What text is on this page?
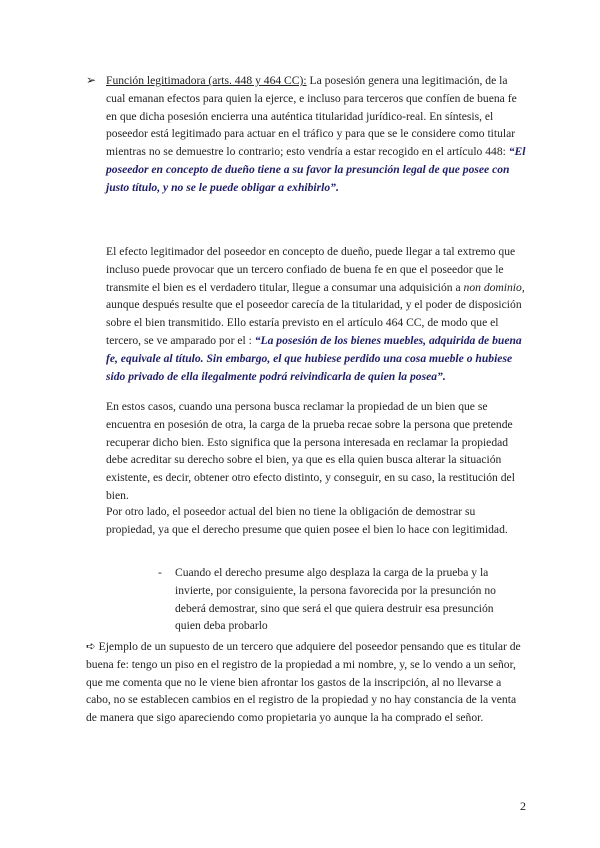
➢ Función legitimadora (arts. 448 y 464 CC): La posesión genera una legitimación, de la cual emanan efectos para quien la ejerce, e incluso para terceros que confíen de buena fe en que dicha posesión encierra una auténtica titularidad jurídico-real. En síntesis, el poseedor está legitimado para actuar en el tráfico y para que se le considere como titular mientras no se demuestre lo contrario; esto vendría a estar recogido en el artículo 448: “El poseedor en concepto de dueño tiene a su favor la presunción legal de que posee con justo título, y no se le puede obligar a exhibirlo”.

El efecto legitimador del poseedor en concepto de dueño, puede llegar a tal extremo que incluso puede provocar que un tercero confiado de buena fe en que el poseedor que le transmite el bien es el verdadero titular, llegue a consumar una adquisición a non dominio, aunque después resulte que el poseedor carecía de la titularidad, y el poder de disposición sobre el bien transmitido. Ello estaría previsto en el artículo 464 CC, de modo que el tercero, se ve amparado por el : “La posesión de los bienes muebles, adquirida de buena fe, equivale al título. Sin embargo, el que hubiese perdido una cosa mueble o hubiese sido privado de ella ilegalmente podrá reivindicarla de quien la posea”.

En estos casos, cuando una persona busca reclamar la propiedad de un bien que se encuentra en posesión de otra, la carga de la prueba recae sobre la persona que pretende recuperar dicho bien. Esto significa que la persona interesada en reclamar la propiedad debe acreditar su derecho sobre el bien, ya que es ella quien busca alterar la situación existente, es decir, obtener otro efecto distinto, y conseguir, en su caso, la restitución del bien.

Por otro lado, el poseedor actual del bien no tiene la obligación de demostrar su propiedad, ya que el derecho presume que quien posee el bien lo hace con legitimidad.

-	Cuando el derecho presume algo desplaza la carga de la prueba y la invierte, por consiguiente, la persona favorecida por la presunción no deberá demostrar, sino que será el que quiera destruir esa presunción quien deba probarlo

➪ Ejemplo de un supuesto de un tercero que adquiere del poseedor pensando que es titular de buena fe: tengo un piso en el registro de la propiedad a mi nombre, y, se lo vendo a un señor, que me comenta que no le viene bien afrontar los gastos de la inscripción, al no llevarse a cabo, no se establecen cambios en el registro de la propiedad y no hay constancia de la venta de manera que sigo apareciendo como propietaria yo aunque la ha comprado el señor.

2
